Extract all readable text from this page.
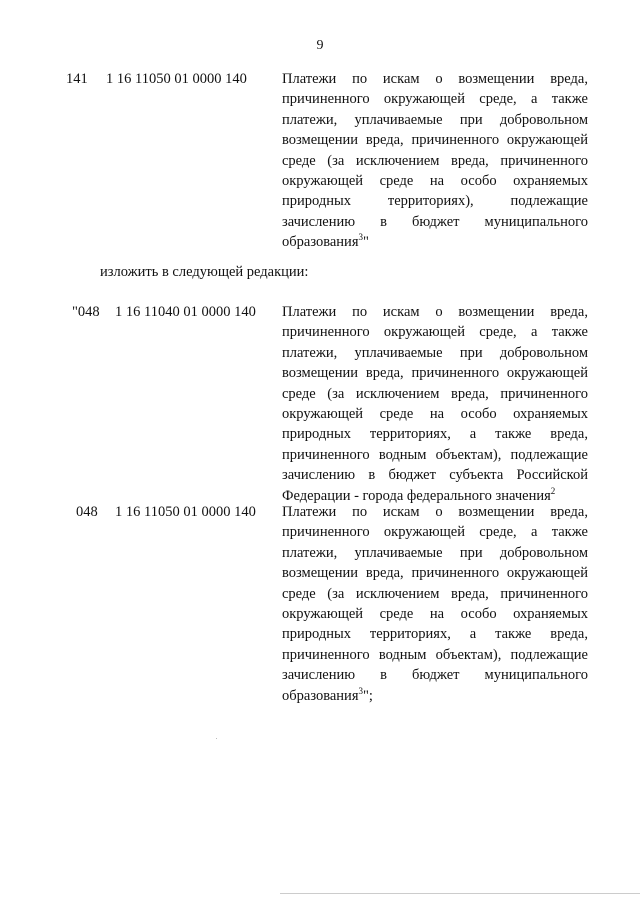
9
141 1 16 11050 01 0000 140 Платежи по искам о возмещении вреда,
причиненного окружающей среде, а также
платежи, уплачиваемые при добровольном
возмещении вреда, причиненного окружающей
среде (за исключением вреда, причиненного
окружающей среде на особо охраняемых
природных территориях), подлежащие
зачислению в бюджет муниципального
образования$^3$"
изложить в следующей редакции:
"048 1 16 11040 01 0000 140 Платежи по искам о возмещении вреда,
причиненного окружающей среде, а также
платежи, уплачиваемые при добровольном
возмещении вреда, причиненного окружающей
среде (за исключением вреда, причиненного
окружающей среде на особо охраняемых
природных территориях, а также вреда,
причиненного водным объектам), подлежащие
зачислению в бюджет субъекта Российской
Федерации - города федерального значения$^2$
048 1 16 11050 01 0000 140 Платежи по искам о возмещении вреда,
причиненного окружающей среде, а также
платежи, уплачиваемые при добровольном
возмещении вреда, причиненного окружающей
среде (за исключением вреда, причиненного
окружающей среде на особо охраняемых
природных территориях, а также вреда,
причиненного водным объектам), подлежащие
зачислению в бюджет муниципального
образования$^3$";
